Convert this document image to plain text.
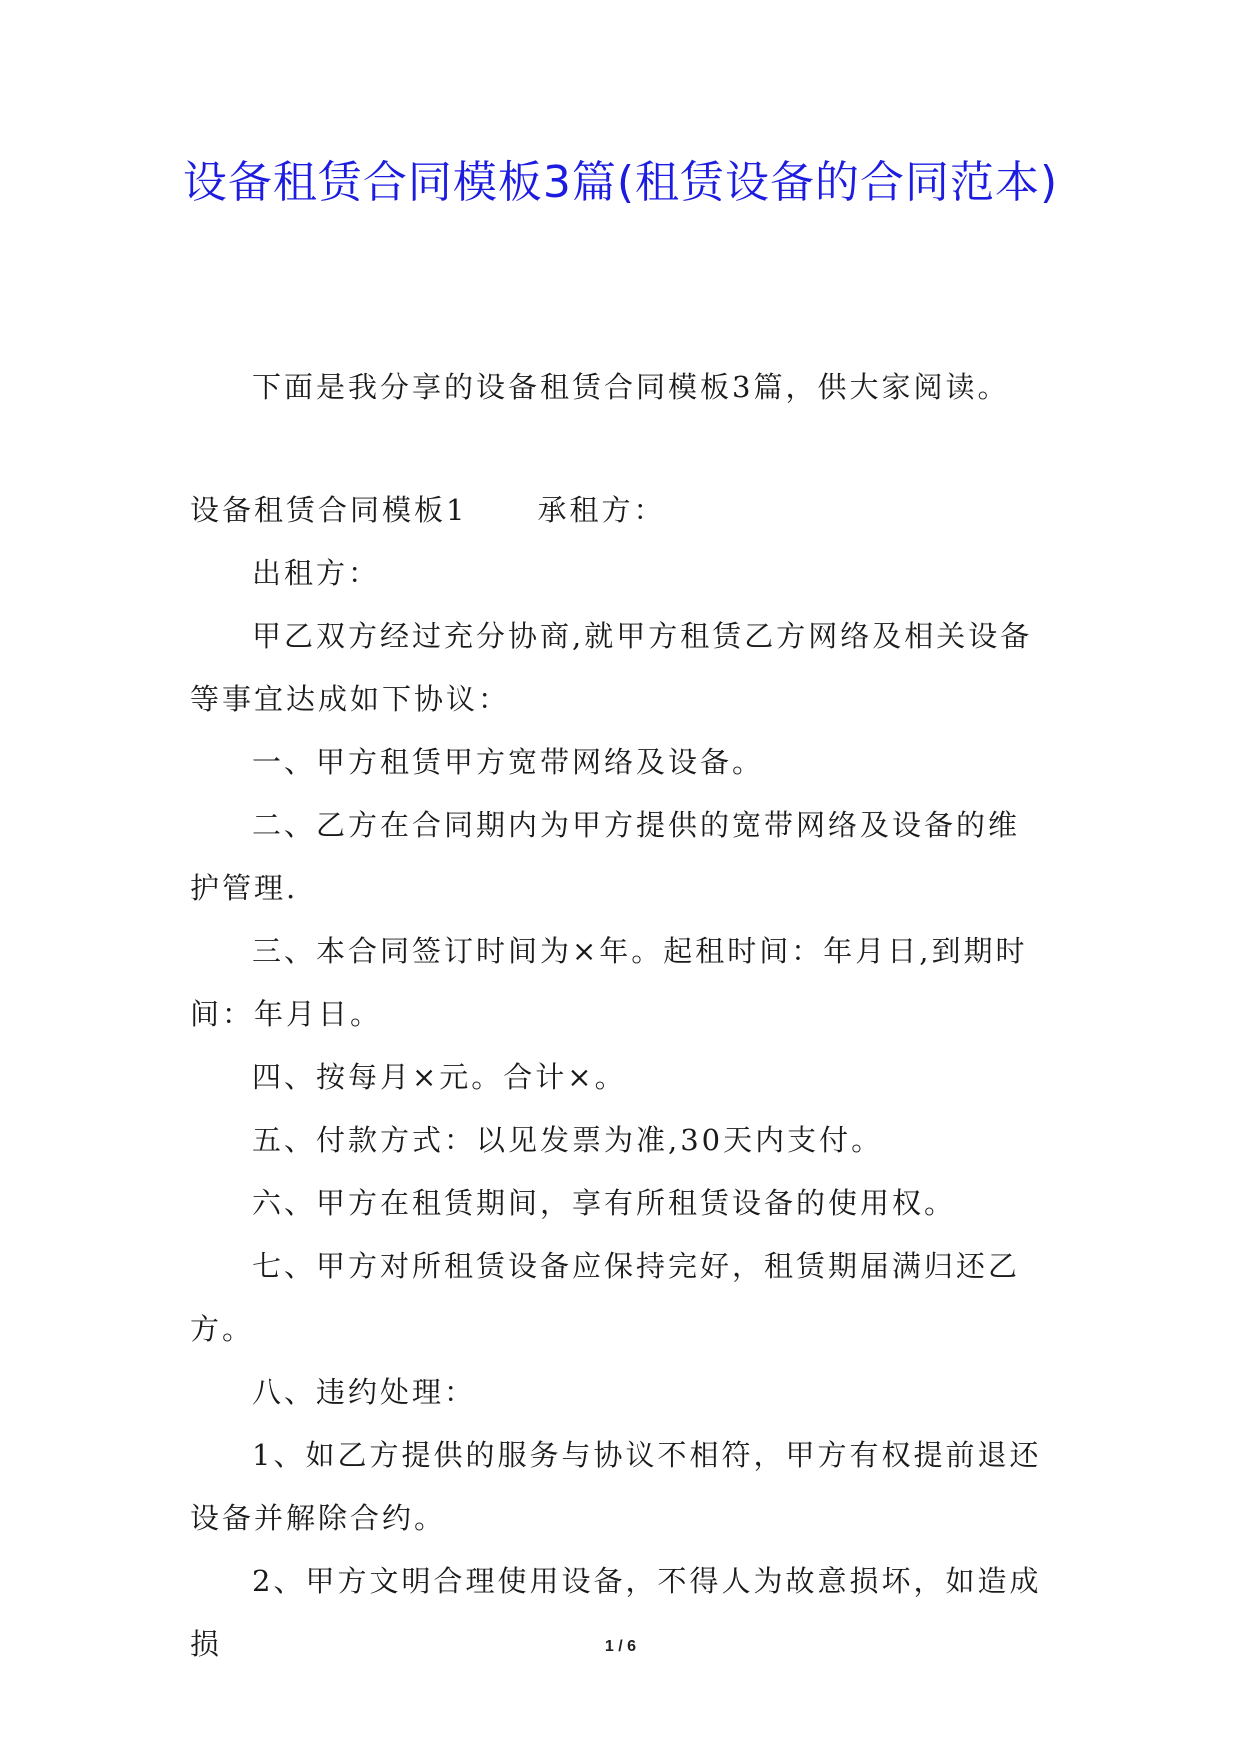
设备租赁合同模板3篇(租赁设备的合同范本)

下面是我分享的设备租赁合同模板3篇，供大家阅读。

设备租赁合同模板1 承租方：

出租方：

甲乙双方经过充分协商,就甲方租赁乙方网络及相关设备等事宜达成如下协议：

一、甲方租赁甲方宽带网络及设备。

二、乙方在合同期内为甲方提供的宽带网络及设备的维护管理.

三、本合同签订时间为×年。起租时间：年月日,到期时间：年月日。

四、按每月×元。合计×。

五、付款方式：以见发票为准,30天内支付。

六、甲方在租赁期间，享有所租赁设备的使用权。

七、甲方对所租赁设备应保持完好，租赁期届满归还乙方。

八、违约处理：

1、如乙方提供的服务与协议不相符，甲方有权提前退还设备并解除合约。

2、甲方文明合理使用设备，不得人为故意损坏，如造成损	1 / 6
